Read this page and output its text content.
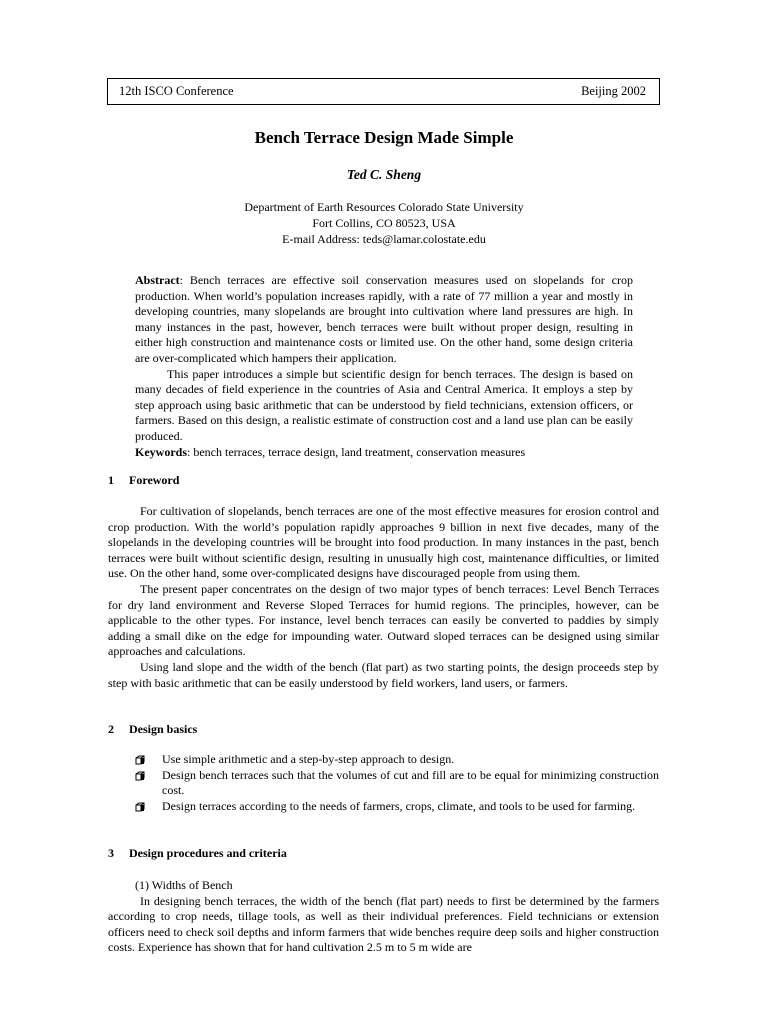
12th ISCO Conference	Beijing 2002
Bench Terrace Design Made Simple
Ted C. Sheng
Department of Earth Resources Colorado State University
Fort Collins, CO 80523, USA
E-mail Address: teds@lamar.colostate.edu

Abstract: Bench terraces are effective soil conservation measures used on slopelands for crop production. When world’s population increases rapidly, with a rate of 77 million a year and mostly in developing countries, many slopelands are brought into cultivation where land pressures are high. In many instances in the past, however, bench terraces were built without proper design, resulting in either high construction and maintenance costs or limited use. On the other hand, some design criteria are over-complicated which hampers their application.

This paper introduces a simple but scientific design for bench terraces. The design is based on many decades of field experience in the countries of Asia and Central America. It employs a step by step approach using basic arithmetic that can be understood by field technicians, extension officers, or farmers. Based on this design, a realistic estimate of construction cost and a land use plan can be easily produced.

Keywords: bench terraces, terrace design, land treatment, conservation measures

1 Foreword

For cultivation of slopelands, bench terraces are one of the most effective measures for erosion control and crop production. With the world’s population rapidly approaches 9 billion in next five decades, many of the slopelands in the developing countries will be brought into food production. In many instances in the past, bench terraces were built without scientific design, resulting in unusually high cost, maintenance difficulties, or limited use. On the other hand, some over-complicated designs have discouraged people from using them.

The present paper concentrates on the design of two major types of bench terraces: Level Bench Terraces for dry land environment and Reverse Sloped Terraces for humid regions. The principles, however, can be applicable to the other types. For instance, level bench terraces can easily be converted to paddies by simply adding a small dike on the edge for impounding water. Outward sloped terraces can be designed using similar approaches and calculations.

Using land slope and the width of the bench (flat part) as two starting points, the design proceeds step by step with basic arithmetic that can be easily understood by field workers, land users, or farmers.

2 Design basics
Use simple arithmetic and a step-by-step approach to design.
Design bench terraces such that the volumes of cut and fill are to be equal for minimizing construction cost.
Design terraces according to the needs of farmers, crops, climate, and tools to be used for farming.
3 Design procedures and criteria

(1) Widths of Bench

In designing bench terraces, the width of the bench (flat part) needs to first be determined by the farmers according to crop needs, tillage tools, as well as their individual preferences. Field technicians or extension officers need to check soil depths and inform farmers that wide benches require deep soils and higher construction costs. Experience has shown that for hand cultivation 2.5 m to 5 m wide are
